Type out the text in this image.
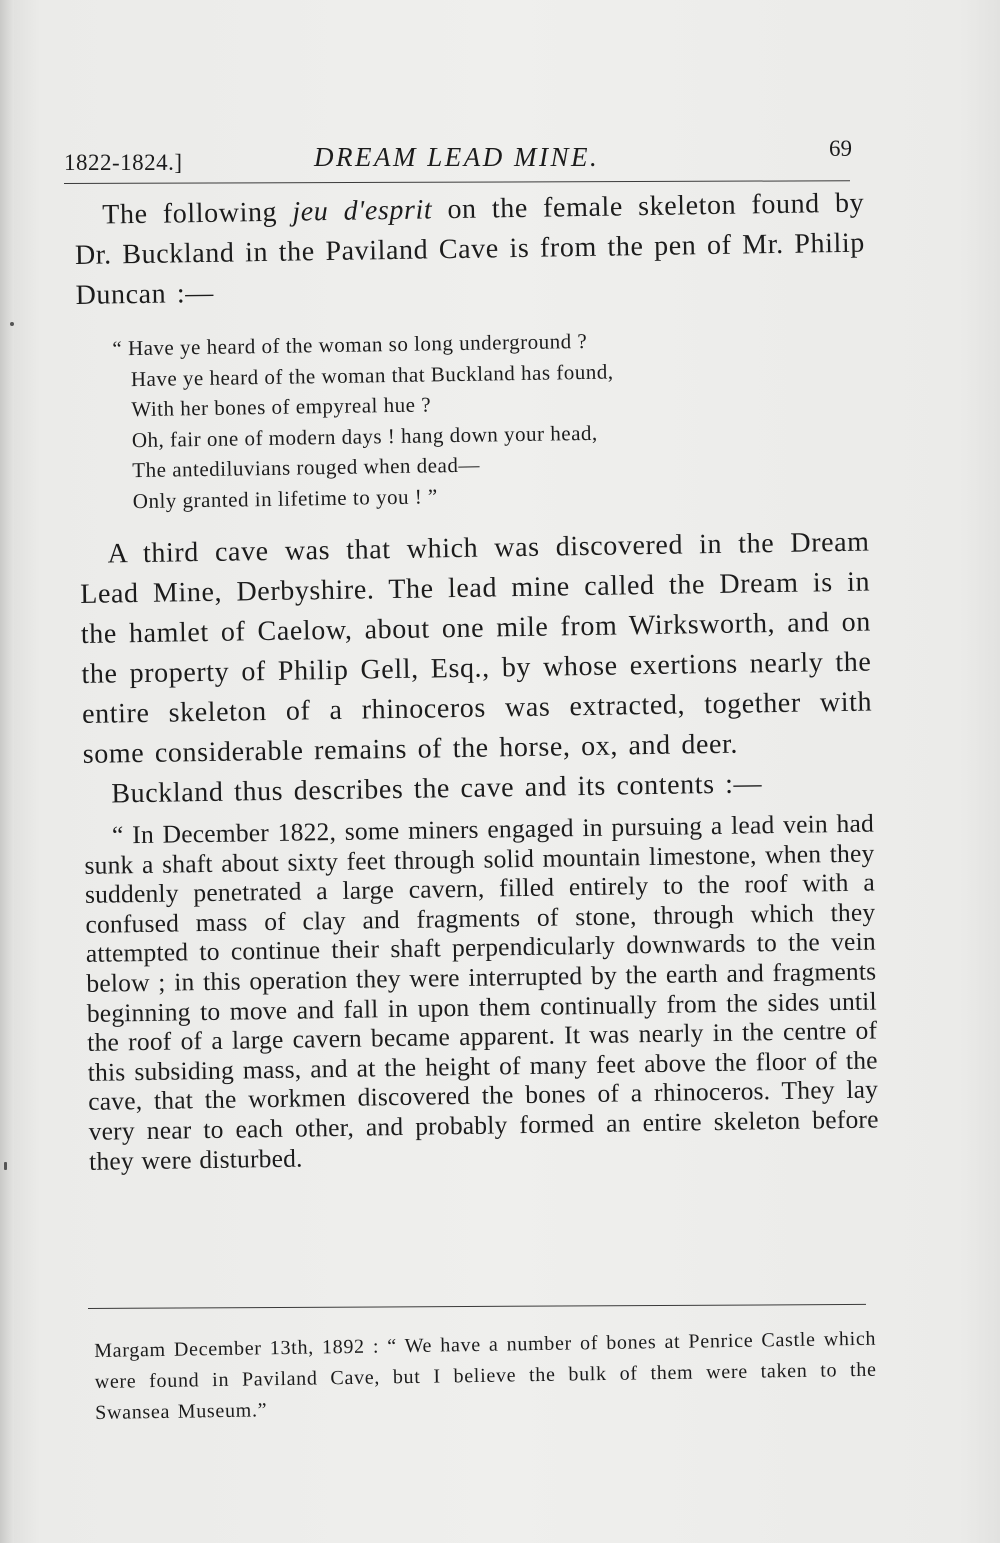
1822-1824.]	DREAM LEAD MINE.	69

The following jeu d'esprit on the female skeleton found by Dr. Buckland in the Paviland Cave is from the pen of Mr. Philip Duncan :—

“ Have ye heard of the woman so long underground ?
Have ye heard of the woman that Buckland has found,
With her bones of empyreal hue ?
Oh, fair one of modern days ! hang down your head,
The antediluvians rouged when dead—
Only granted in lifetime to you ! ”

A third cave was that which was discovered in the Dream Lead Mine, Derbyshire. The lead mine called the Dream is in the hamlet of Caelow, about one mile from Wirksworth, and on the property of Philip Gell, Esq., by whose exertions nearly the entire skeleton of a rhinoceros was extracted, together with some considerable remains of the horse, ox, and deer.

Buckland thus describes the cave and its contents :—

“ In December 1822, some miners engaged in pursuing a lead vein had sunk a shaft about sixty feet through solid mountain limestone, when they suddenly penetrated a large cavern, filled entirely to the roof with a confused mass of clay and fragments of stone, through which they attempted to continue their shaft perpendicularly downwards to the vein below ; in this operation they were interrupted by the earth and fragments beginning to move and fall in upon them continually from the sides until the roof of a large cavern became apparent. It was nearly in the centre of this subsiding mass, and at the height of many feet above the floor of the cave, that the workmen discovered the bones of a rhinoceros. They lay very near to each other, and probably formed an entire skeleton before they were disturbed.

Margam December 13th, 1892 : “ We have a number of bones at Penrice Castle which were found in Paviland Cave, but I believe the bulk of them were taken to the Swansea Museum.”
